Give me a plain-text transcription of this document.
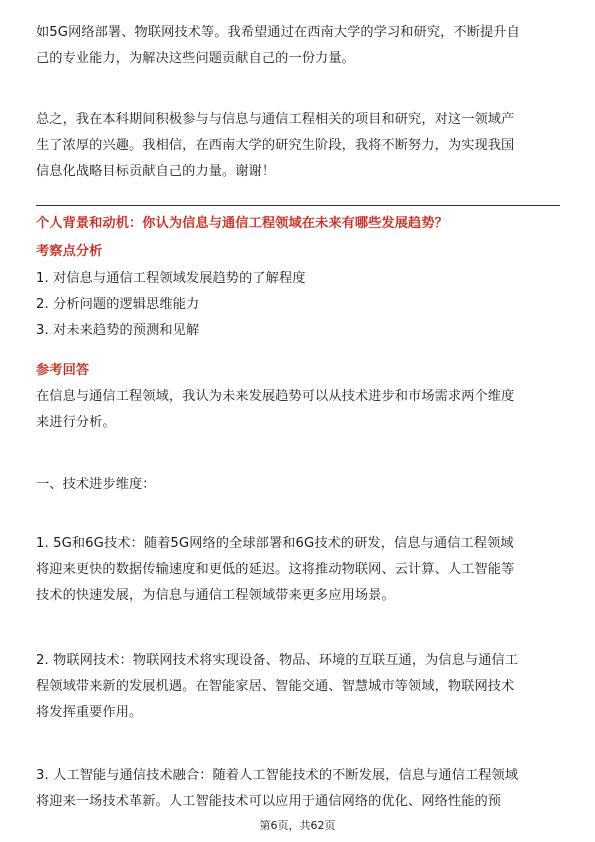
如5G网络部署、物联网技术等。我希望通过在西南大学的学习和研究，不断提升自
己的专业能力，为解决这些问题贡献自己的一份力量。
总之，我在本科期间积极参与与信息与通信工程相关的项目和研究，对这一领域产
生了浓厚的兴趣。我相信，在西南大学的研究生阶段，我将不断努力，为实现我国
信息化战略目标贡献自己的力量。谢谢！
个人背景和动机：你认为信息与通信工程领域在未来有哪些发展趋势？
考察点分析
1. 对信息与通信工程领域发展趋势的了解程度
2. 分析问题的逻辑思维能力
3. 对未来趋势的预测和见解
参考回答
在信息与通信工程领域，我认为未来发展趋势可以从技术进步和市场需求两个维度
来进行分析。
一、技术进步维度：
1. 5G和6G技术：随着5G网络的全球部署和6G技术的研发，信息与通信工程领域
将迎来更快的数据传输速度和更低的延迟。这将推动物联网、云计算、人工智能等
技术的快速发展，为信息与通信工程领域带来更多应用场景。
2. 物联网技术：物联网技术将实现设备、物品、环境的互联互通，为信息与通信工
程领域带来新的发展机遇。在智能家居、智能交通、智慧城市等领域，物联网技术
将发挥重要作用。
3. 人工智能与通信技术融合：随着人工智能技术的不断发展，信息与通信工程领域
将迎来一场技术革新。人工智能技术可以应用于通信网络的优化、网络性能的预
第6页，共62页
